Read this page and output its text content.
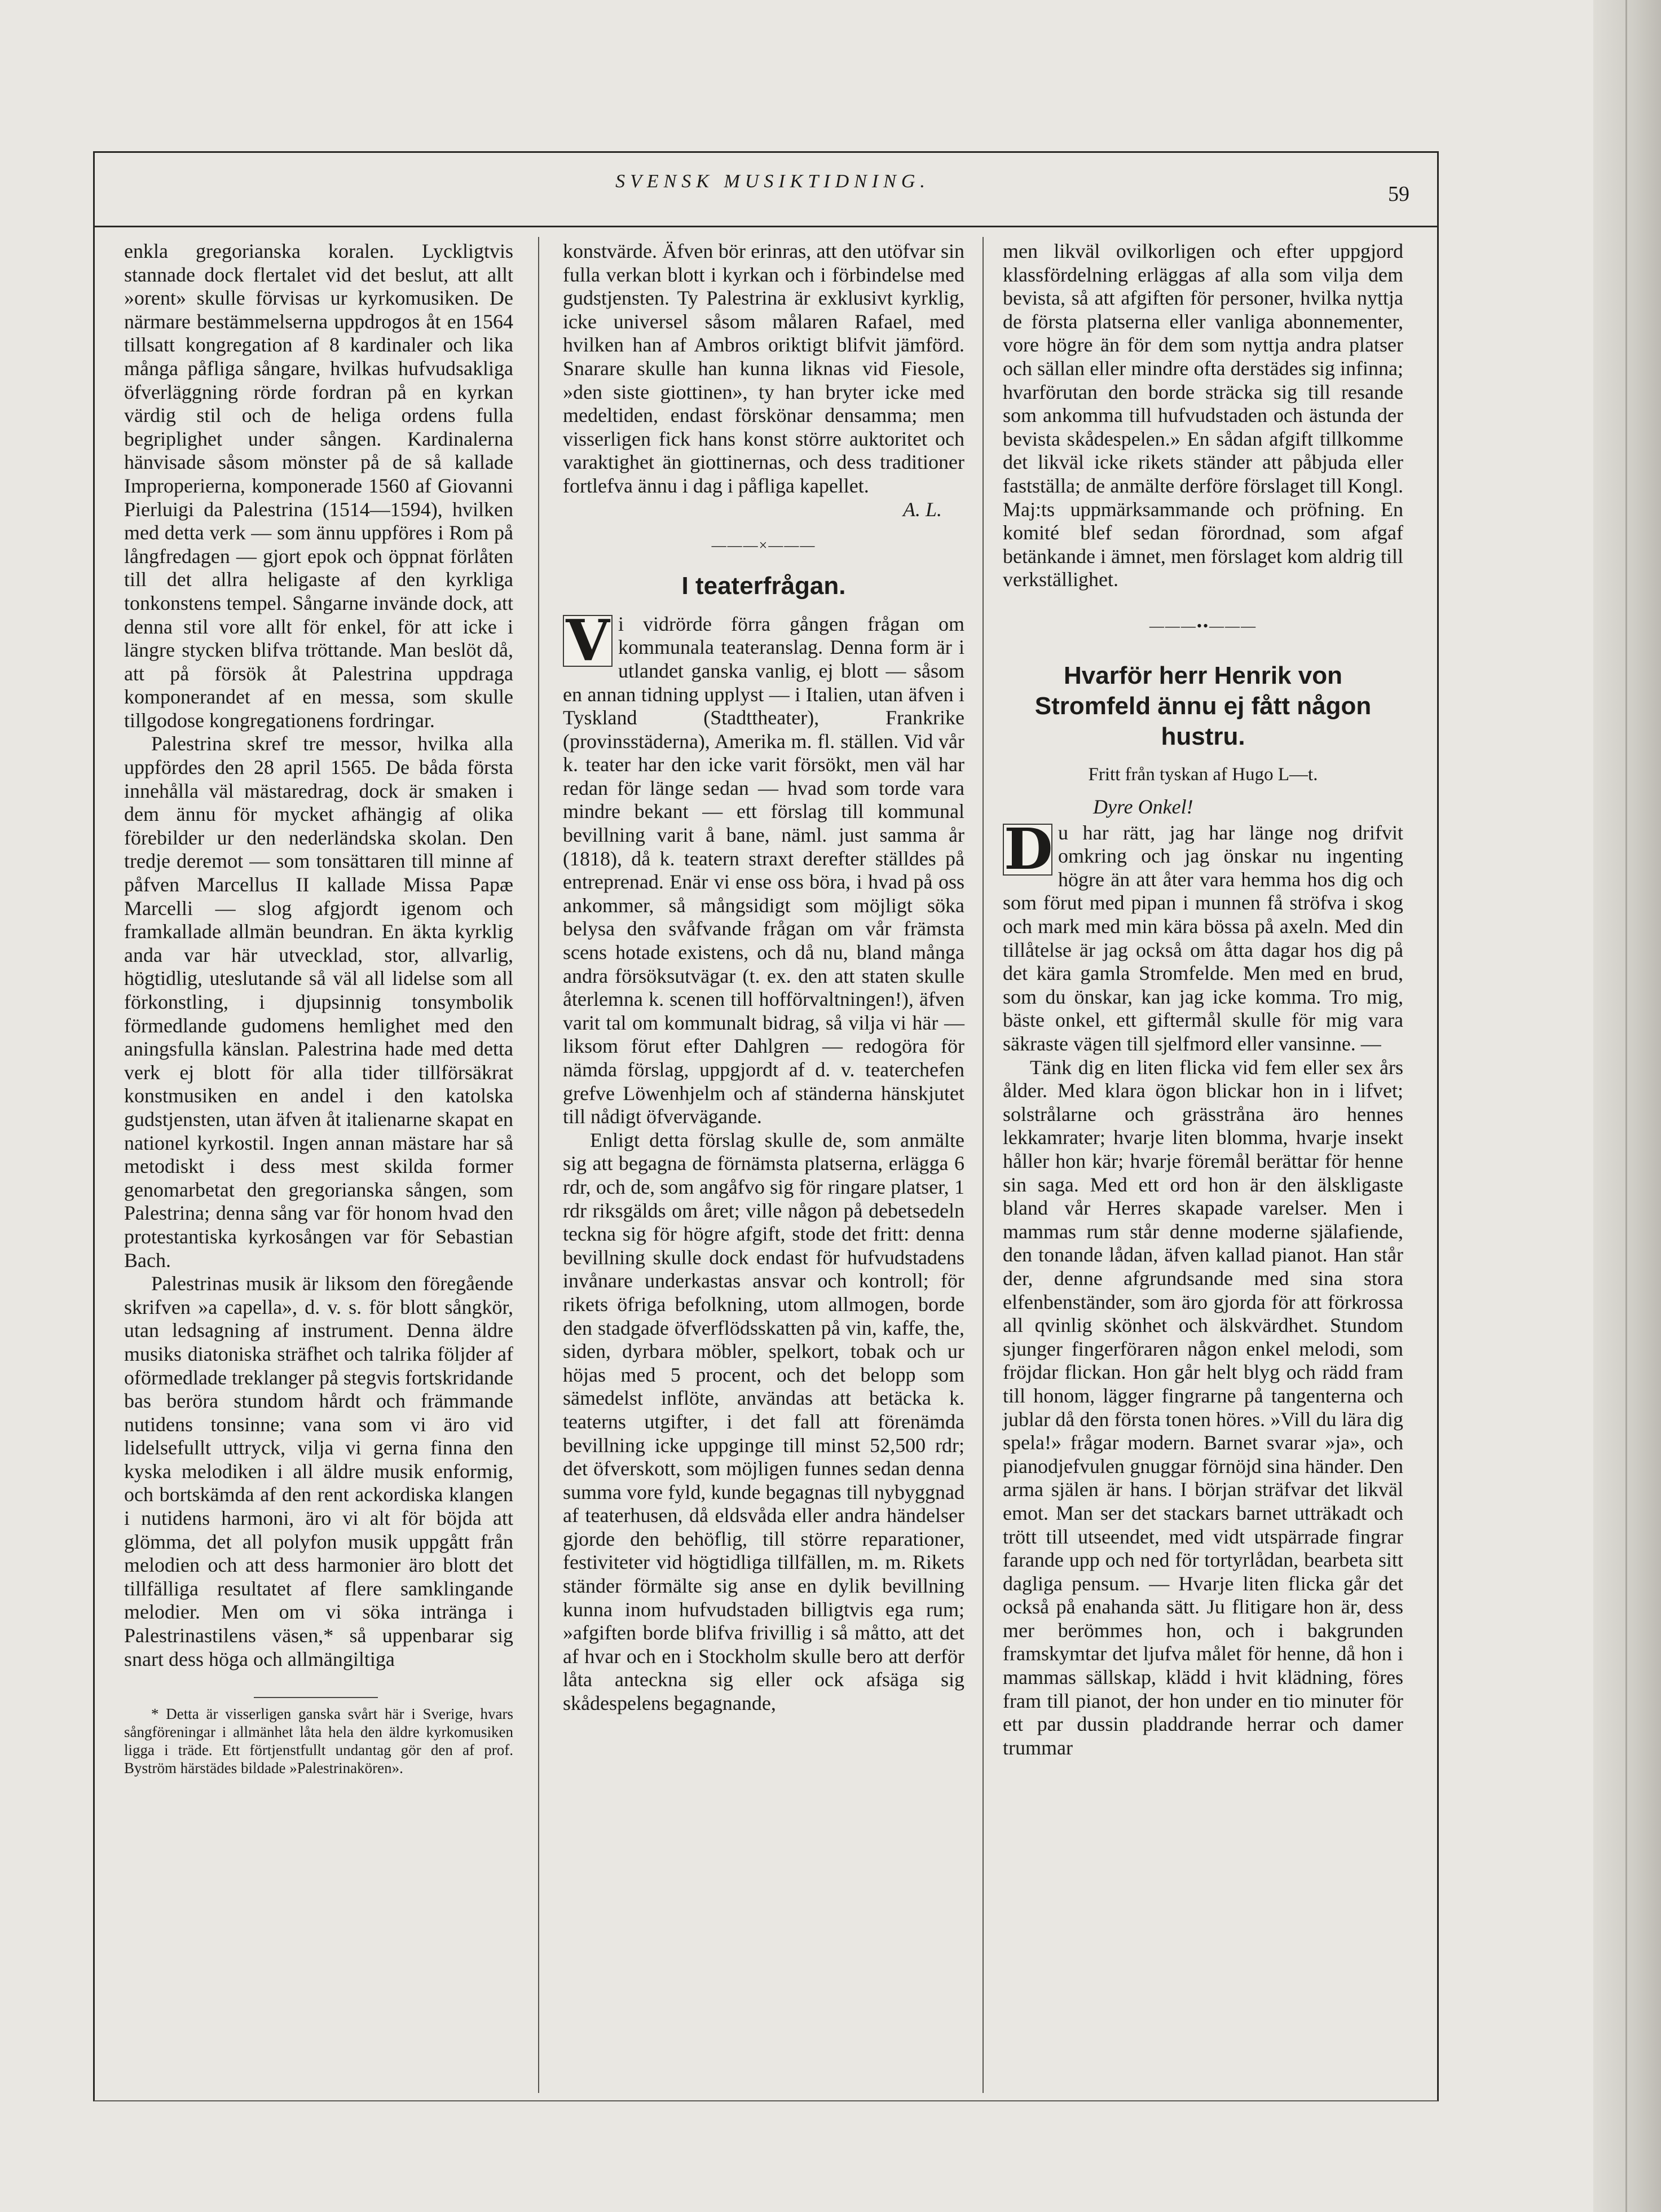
SVENSK MUSIKTIDNING.
59

enkla gregorianska koralen. Lyckligtvis stannade dock flertalet vid det beslut, att allt »orent» skulle förvisas ur kyrkomusiken. De närmare bestämmelserna uppdrogos åt en 1564 tillsatt kongregation af 8 kardinaler och lika många påfliga sångare, hvilkas hufvudsakliga öfverläggning rörde fordran på en kyrkan värdig stil och de heliga ordens fulla begriplighet under sången. Kardinalerna hänvisade såsom mönster på de så kallade Improperierna, komponerade 1560 af Giovanni Pierluigi da Palestrina (1514—1594), hvilken med detta verk — som ännu uppföres i Rom på långfredagen — gjort epok och öppnat förlåten till det allra heligaste af den kyrkliga tonkonstens tempel. Sångarne invände dock, att denna stil vore allt för enkel, för att icke i längre stycken blifva tröttande. Man beslöt då, att på försök åt Palestrina uppdraga komponerandet af en messa, som skulle tillgodose kongregationens fordringar.

Palestrina skref tre messor, hvilka alla uppfördes den 28 april 1565. De båda första innehålla väl mästaredrag, dock är smaken i dem ännu för mycket afhängig af olika förebilder ur den nederländska skolan. Den tredje deremot — som tonsättaren till minne af påfven Marcellus II kallade Missa Papæ Marcelli — slog afgjordt igenom och framkallade allmän beundran. En äkta kyrklig anda var här utvecklad, stor, allvarlig, högtidlig, uteslutande så väl all lidelse som all förkonstling, i djupsinnig tonsymbolik förmedlande gudomens hemlighet med den aningsfulla känslan. Palestrina hade med detta verk ej blott för alla tider tillförsäkrat konstmusiken en andel i den katolska gudstjensten, utan äfven åt italienarne skapat en nationel kyrkostil. Ingen annan mästare har så metodiskt i dess mest skilda former genomarbetat den gregorianska sången, som Palestrina; denna sång var för honom hvad den protestantiska kyrkosången var för Sebastian Bach.

Palestrinas musik är liksom den föregående skrifven »a capella», d. v. s. för blott sångkör, utan ledsagning af instrument. Denna äldre musiks diatoniska sträfhet och talrika följder af oförmedlade treklanger på stegvis fortskridande bas beröra stundom hårdt och främmande nutidens tonsinne; vana som vi äro vid lidelsefullt uttryck, vilja vi gerna finna den kyska melodiken i all äldre musik enformig, och bortskämda af den rent ackordiska klangen i nutidens harmoni, äro vi alt för böjda att glömma, det all polyfon musik uppgått från melodien och att dess harmonier äro blott det tillfälliga resultatet af flere samklingande melodier. Men om vi söka intränga i Palestrinastilens väsen,* så uppenbarar sig snart dess höga och allmängiltiga

* Detta är visserligen ganska svårt här i Sverige, hvars sångföreningar i allmänhet låta hela den äldre kyrkomusiken ligga i träde. Ett förtjenstfullt undantag gör den af prof. Byström härstädes bildade »Palestrinakören».

konstvärde. Äfven bör erinras, att den utöfvar sin fulla verkan blott i kyrkan och i förbindelse med gudstjensten. Ty Palestrina är exklusivt kyrklig, icke universel såsom målaren Rafael, med hvilken han af Ambros oriktigt blifvit jämförd. Snarare skulle han kunna liknas vid Fiesole, »den siste giottinen», ty han bryter icke med medeltiden, endast förskönar densamma; men visserligen fick hans konst större auktoritet och varaktighet än giottinernas, och dess traditioner fortlefva ännu i dag i påfliga kapellet.

A. L.
———×———
I teaterfrågan.
V i vidrörde förra gången frågan om kommunala teateranslag. Denna form är i utlandet ganska vanlig, ej blott — såsom en annan tidning upplyst — i Italien, utan äfven i Tyskland (Stadttheater), Frankrike (provinsstäderna), Amerika m. fl. ställen. Vid vår k. teater har den icke varit försökt, men väl har redan för länge sedan — hvad som torde vara mindre bekant — ett förslag till kommunal bevillning varit å bane, näml. just samma år (1818), då k. teatern straxt derefter ställdes på entreprenad. Enär vi ense oss böra, i hvad på oss ankommer, så mångsidigt som möjligt söka belysa den svåfvande frågan om vår främsta scens hotade existens, och då nu, bland många andra försöksutvägar (t. ex. den att staten skulle återlemna k. scenen till hofförvaltningen!), äfven varit tal om kommunalt bidrag, så vilja vi här — liksom förut efter Dahlgren — redogöra för nämda förslag, uppgjordt af d. v. teaterchefen grefve Löwenhjelm och af ständerna hänskjutet till nådigt öfvervägande.

Enligt detta förslag skulle de, som anmälte sig att begagna de förnämsta platserna, erlägga 6 rdr, och de, som angåfvo sig för ringare platser, 1 rdr riksgälds om året; ville någon på debetsedeln teckna sig för högre afgift, stode det fritt: denna bevillning skulle dock endast för hufvudstadens invånare underkastas ansvar och kontroll; för rikets öfriga befolkning, utom allmogen, borde den stadgade öfverflödsskatten på vin, kaffe, the, siden, dyrbara möbler, spelkort, tobak och ur höjas med 5 procent, och det belopp som sämedelst inflöte, användas att betäcka k. teaterns utgifter, i det fall att förenämda bevillning icke uppginge till minst 52,500 rdr; det öfverskott, som möjligen funnes sedan denna summa vore fyld, kunde begagnas till nybyggnad af teaterhusen, då eldsvåda eller andra händelser gjorde den behöflig, till större reparationer, festiviteter vid högtidliga tillfällen, m. m. Rikets ständer förmälte sig anse en dylik bevillning kunna inom hufvudstaden billigtvis ega rum; »afgiften borde blifva frivillig i så måtto, att det af hvar och en i Stockholm skulle bero att derför låta anteckna sig eller ock afsäga sig skådespelens begagnande,

men likväl ovilkorligen och efter uppgjord klassfördelning erläggas af alla som vilja dem bevista, så att afgiften för personer, hvilka nyttja de första platserna eller vanliga abonnementer, vore högre än för dem som nyttja andra platser och sällan eller mindre ofta derstädes sig infinna; hvarförutan den borde sträcka sig till resande som ankomma till hufvudstaden och ästunda der bevista skådespelen.» En sådan afgift tillkomme det likväl icke rikets ständer att påbjuda eller fastställa; de anmälte derföre förslaget till Kongl. Maj:ts uppmärksammande och pröfning. En komité blef sedan förordnad, som afgaf betänkande i ämnet, men förslaget kom aldrig till verkställighet.

———••———
Hvarför herr Henrik von Stromfeld ännu ej fått någon hustru.
Fritt från tyskan af Hugo L—t.
Dyre Onkel!
D u har rätt, jag har länge nog drifvit omkring och jag önskar nu ingenting högre än att åter vara hemma hos dig och som förut med pipan i munnen få ströfva i skog och mark med min kära bössa på axeln. Med din tillåtelse är jag också om åtta dagar hos dig på det kära gamla Stromfelde. Men med en brud, som du önskar, kan jag icke komma. Tro mig, bäste onkel, ett giftermål skulle för mig vara säkraste vägen till sjelfmord eller vansinne. —

Tänk dig en liten flicka vid fem eller sex års ålder. Med klara ögon blickar hon in i lifvet; solstrålarne och grässtråna äro hennes lekkamrater; hvarje liten blomma, hvarje insekt håller hon kär; hvarje föremål berättar för henne sin saga. Med ett ord hon är den älskligaste bland vår Herres skapade varelser. Men i mammas rum står denne moderne själafiende, den tonande lådan, äfven kallad pianot. Han står der, denne afgrundsande med sina stora elfenbenständer, som äro gjorda för att förkrossa all qvinlig skönhet och älskvärdhet. Stundom sjunger fingerföraren någon enkel melodi, som fröjdar flickan. Hon går helt blyg och rädd fram till honom, lägger fingrarne på tangenterna och jublar då den första tonen höres. »Vill du lära dig spela!» frågar modern. Barnet svarar »ja», och pianodjefvulen gnuggar förnöjd sina händer. Den arma själen är hans. I början sträfvar det likväl emot. Man ser det stackars barnet utträkadt och trött till utseendet, med vidt utspärrade fingrar farande upp och ned för tortyrlådan, bearbeta sitt dagliga pensum. — Hvarje liten flicka går det också på enahanda sätt. Ju flitigare hon är, dess mer berömmes hon, och i bakgrunden framskymtar det ljufva målet för henne, då hon i mammas sällskap, klädd i hvit klädning, föres fram till pianot, der hon under en tio minuter för ett par dussin pladdrande herrar och damer trummar
